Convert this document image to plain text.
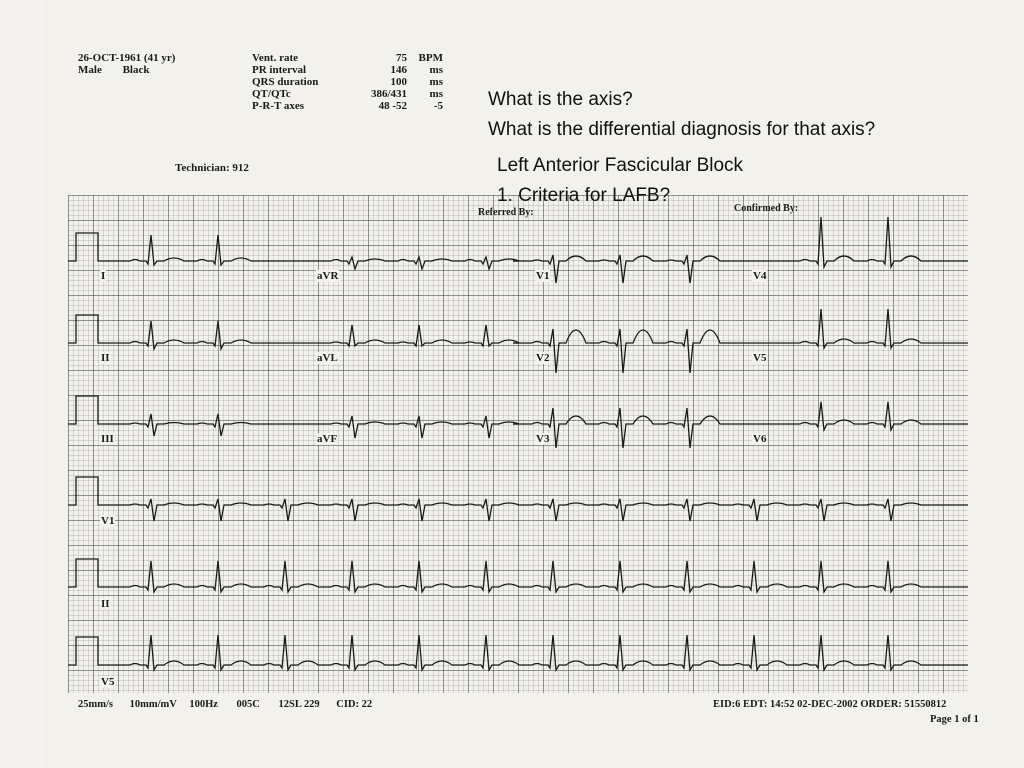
26-OCT-1961 (41 yr)
Male Black
Vent. rate	75 BPM
PR interval	146 ms
QRS duration	100 ms
QT/QTc	386/431 ms
P-R-T axes	48 -52 -5
Technician: 912
Referred By:	Confirmed By:
I	aVR	V1	V4
II	aVL	V2	V5
III	aVF	V3	V6
V1
II
V5
What is the axis?
What is the differential diagnosis for that axis?
Left Anterior Fascicular Block
1. Criteria for LAFB?
25mm/s 10mm/mV 100Hz 005C 12SL 229 CID: 22	EID:6 EDT: 14:52 02-DEC-2002 ORDER: 51550812
Page 1 of 1
